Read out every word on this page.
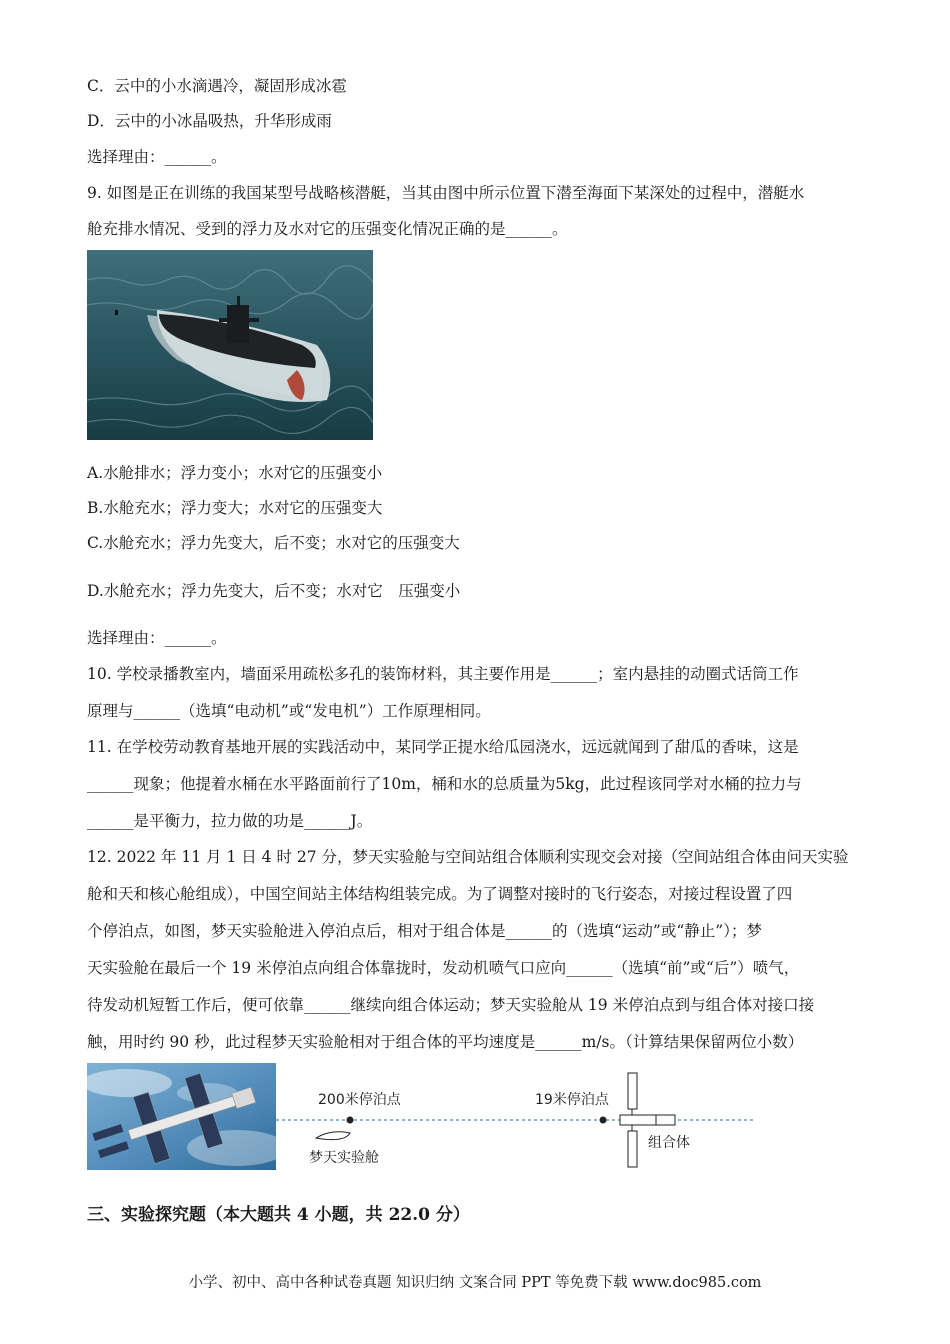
C．云中的小水滴遇冷，凝固形成冰雹
D．云中的小冰晶吸热，升华形成雨
选择理由：______。
9. 如图是正在训练的我国某型号战略核潜艇，当其由图中所示位置下潜至海面下某深处的过程中，潜艇水
舱充排水情况、受到的浮力及水对它的压强变化情况正确的是______。
A.水舱排水；浮力变小；水对它的压强变小
B.水舱充水；浮力变大；水对它的压强变大
C.水舱充水；浮力先变大，后不变；水对它的压强变大
D.水舱充水；浮力先变大，后不变；水对它　压强变小
选择理由：______。
10. 学校录播教室内，墙面采用疏松多孔的装饰材料，其主要作用是______；室内悬挂的动圈式话筒工作
原理与______（选填“电动机”或“发电机”）工作原理相同。
11. 在学校劳动教育基地开展的实践活动中，某同学正提水给瓜园浇水，远远就闻到了甜瓜的香味，这是
______现象；他提着水桶在水平路面前行了10m，桶和水的总质量为5kg，此过程该同学对水桶的拉力与
______是平衡力，拉力做的功是______J。
12. 2022 年 11 月 1 日 4 时 27 分，梦天实验舱与空间站组合体顺利实现交会对接（空间站组合体由问天实验
舱和天和核心舱组成），中国空间站主体结构组装完成。为了调整对接时的飞行姿态，对接过程设置了四
个停泊点，如图，梦天实验舱进入停泊点后，相对于组合体是______的（选填“运动”或“静止”）；梦
天实验舱在最后一个 19 米停泊点向组合体靠拢时，发动机喷气口应向______（选填“前”或“后”）喷气，
待发动机短暂工作后，便可依靠______继续向组合体运动；梦天实验舱从 19 米停泊点到与组合体对接口接
触，用时约 90 秒，此过程梦天实验舱相对于组合体的平均速度是______m/s。（计算结果保留两位小数）
200米停泊点
梦天实验舱
19米停泊点
组合体
三、实验探究题（本大题共 4 小题，共 22.0 分）
小学、初中、高中各种试卷真题 知识归纳 文案合同 PPT 等免费下载 www.doc985.com
